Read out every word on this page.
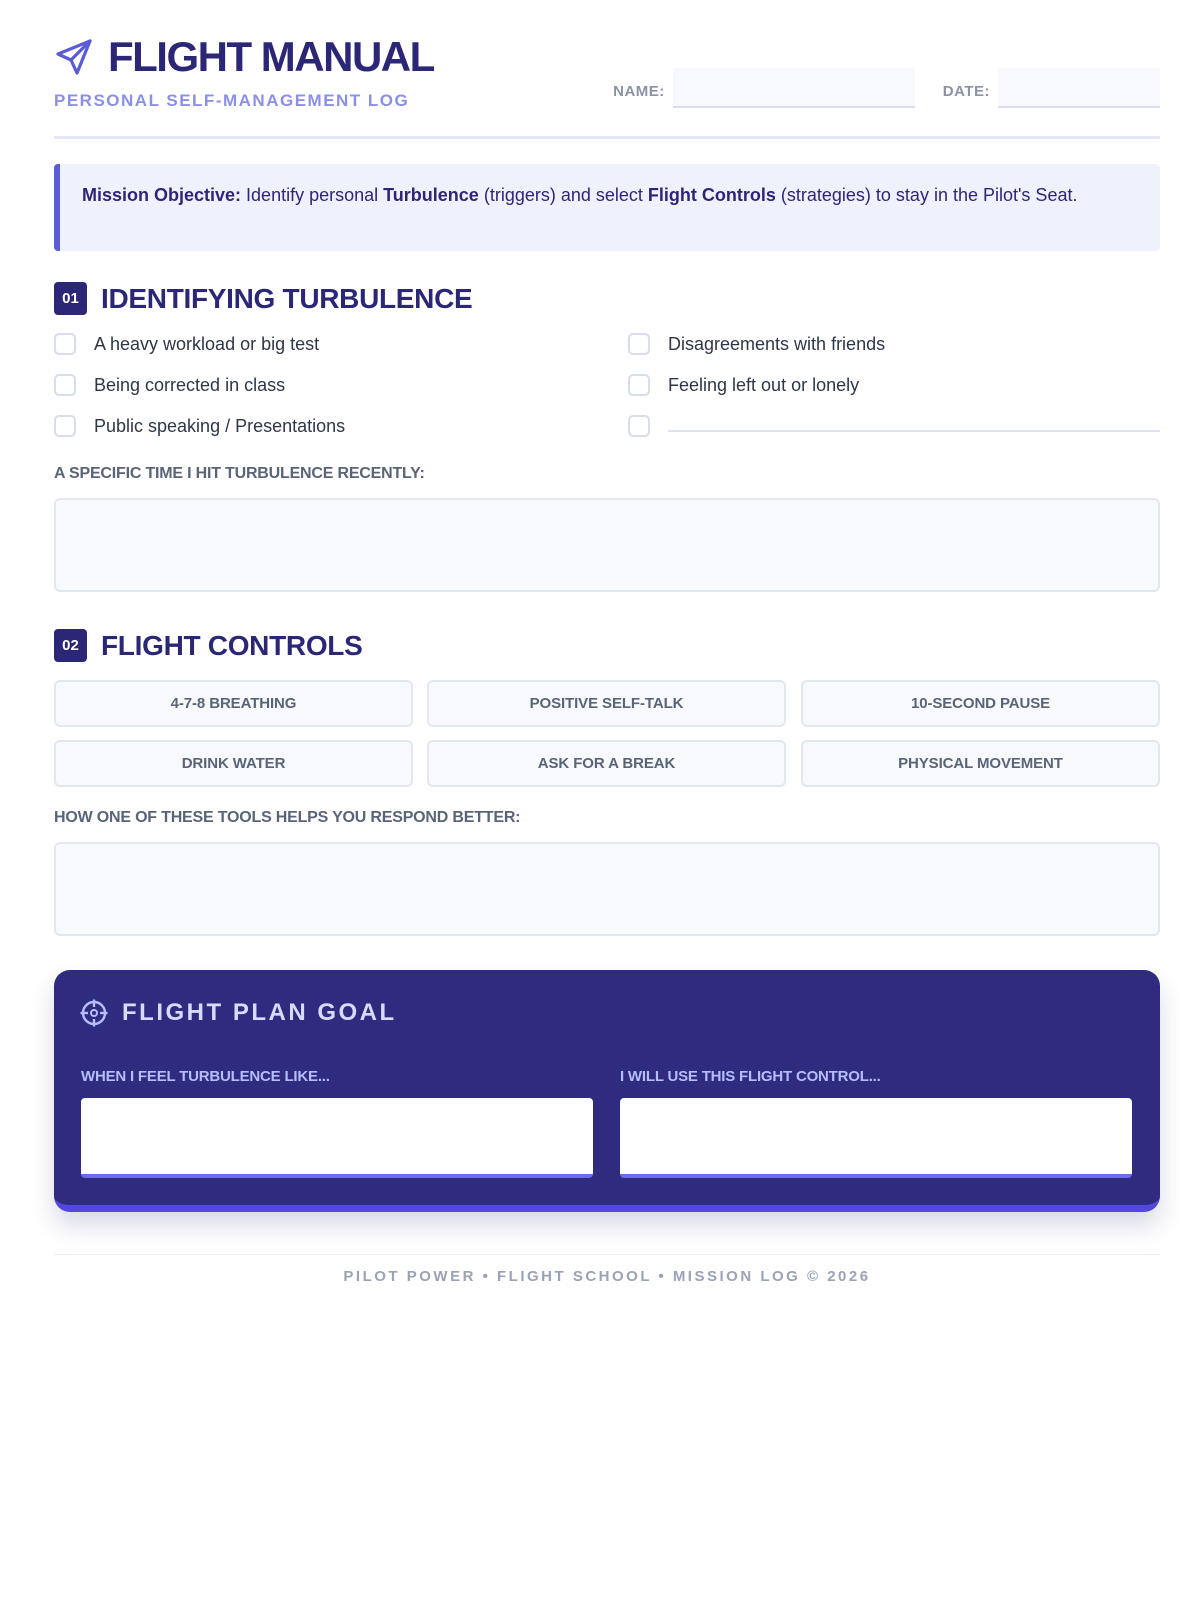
FLIGHT MANUAL
PERSONAL SELF-MANAGEMENT LOG	NAME:	DATE:
Mission Objective: Identify personal Turbulence (triggers) and select Flight Controls (strategies) to stay in the Pilot's Seat.
01 IDENTIFYING TURBULENCE
A heavy workload or big test	Disagreements with friends
Being corrected in class	Feeling left out or lonely
Public speaking / Presentations
A SPECIFIC TIME I HIT TURBULENCE RECENTLY:
02 FLIGHT CONTROLS
4-7-8 BREATHING	POSITIVE SELF-TALK	10-SECOND PAUSE
DRINK WATER	ASK FOR A BREAK	PHYSICAL MOVEMENT
HOW ONE OF THESE TOOLS HELPS YOU RESPOND BETTER:
FLIGHT PLAN GOAL
WHEN I FEEL TURBULENCE LIKE...	I WILL USE THIS FLIGHT CONTROL...
PILOT POWER • FLIGHT SCHOOL • MISSION LOG © 2026
